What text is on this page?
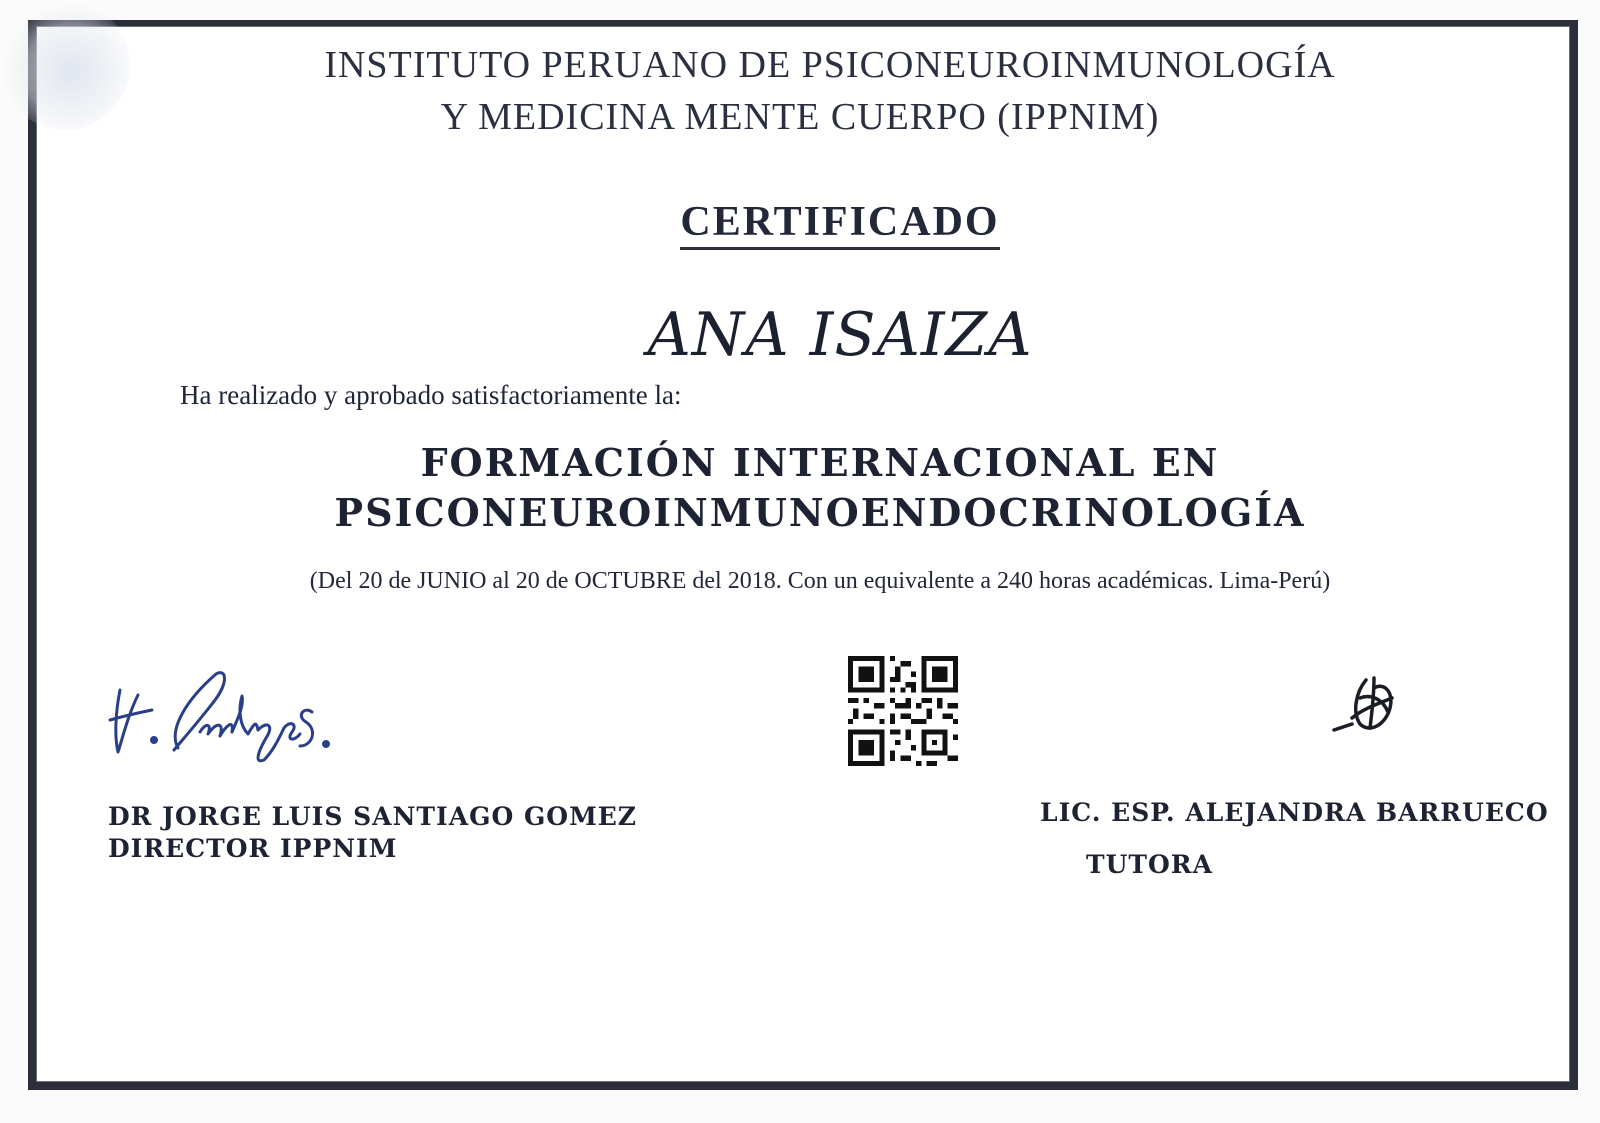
INSTITUTO PERUANO DE PSICONEUROINMUNOLOGÍA
Y MEDICINA MENTE CUERPO (IPPNIM)
CERTIFICADO
ANA ISAIZA
Ha realizado y aprobado satisfactoriamente la:
FORMACIÓN INTERNACIONAL EN
PSICONEUROINMUNOENDOCRINOLOGÍA
(Del 20 de JUNIO al 20 de OCTUBRE del 2018. Con un equivalente a 240 horas académicas. Lima-Perú)
DR JORGE LUIS SANTIAGO GOMEZ
DIRECTOR IPPNIM
LIC. ESP. ALEJANDRA BARRUECO
TUTORA
